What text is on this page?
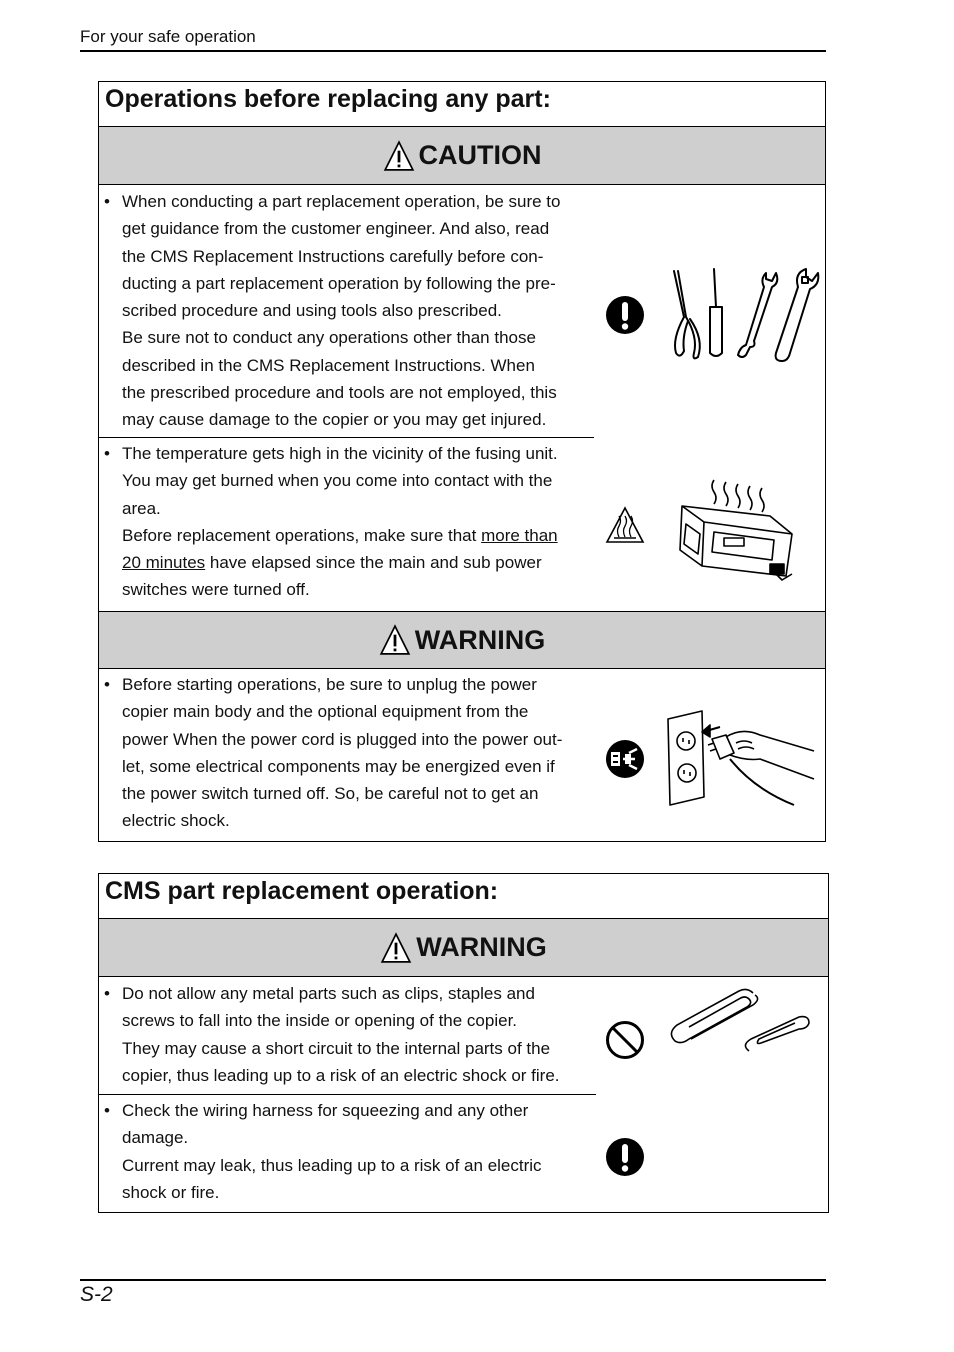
For your safe operation
Operations before replacing any part:
CAUTION
• When conducting a part replacement operation, be sure to
get guidance from the customer engineer. And also, read
the CMS Replacement Instructions carefully before con-
ducting a part replacement operation by following the pre-
scribed procedure and using tools also prescribed.
Be sure not to conduct any operations other than those
described in the CMS Replacement Instructions. When
the prescribed procedure and tools are not employed, this
may cause damage to the copier or you may get injured.
• The temperature gets high in the vicinity of the fusing unit.
You may get burned when you come into contact with the
area.
Before replacement operations, make sure that more than
20 minutes have elapsed since the main and sub power
switches were turned off.
WARNING
• Before starting operations, be sure to unplug the power
copier main body and the optional equipment from the
power When the power cord is plugged into the power out-
let, some electrical components may be energized even if
the power switch turned off. So, be careful not to get an
electric shock.
CMS part replacement operation:
WARNING
• Do not allow any metal parts such as clips, staples and
screws to fall into the inside or opening of the copier.
They may cause a short circuit to the internal parts of the
copier, thus leading up to a risk of an electric shock or fire.
• Check the wiring harness for squeezing and any other
damage.
Current may leak, thus leading up to a risk of an electric
shock or fire.
S-2
